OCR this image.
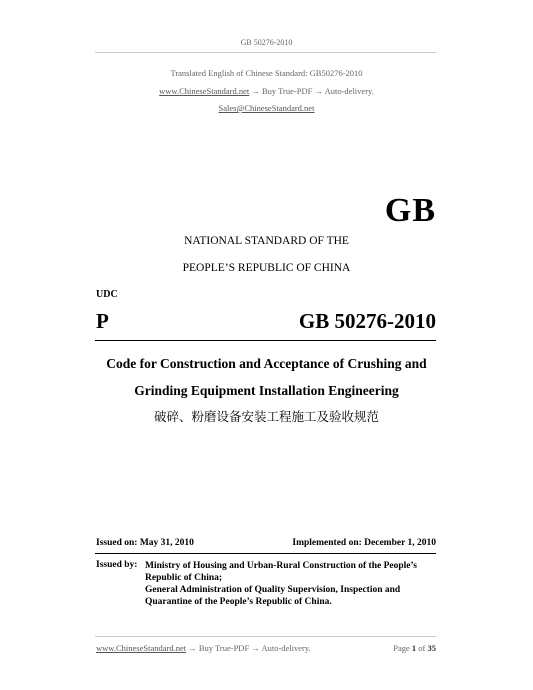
GB 50276-2010
Translated English of Chinese Standard: GB50276-2010
www.ChineseStandard.net → Buy True-PDF → Auto-delivery.
Sales@ChineseStandard.net
GB
NATIONAL STANDARD OF THE
PEOPLE’S REPUBLIC OF CHINA
UDC
P	GB 50276-2010
Code for Construction and Acceptance of Crushing and
Grinding Equipment Installation Engineering
破碎、粉磨设备安装工程施工及验收规范
Issued on: May 31, 2010	Implemented on: December 1, 2010
Issued by: Ministry of Housing and Urban-Rural Construction of the People’s
Republic of China;
General Administration of Quality Supervision, Inspection and
Quarantine of the People’s Republic of China.
www.ChineseStandard.net → Buy True-PDF → Auto-delivery.	Page 1 of 35
